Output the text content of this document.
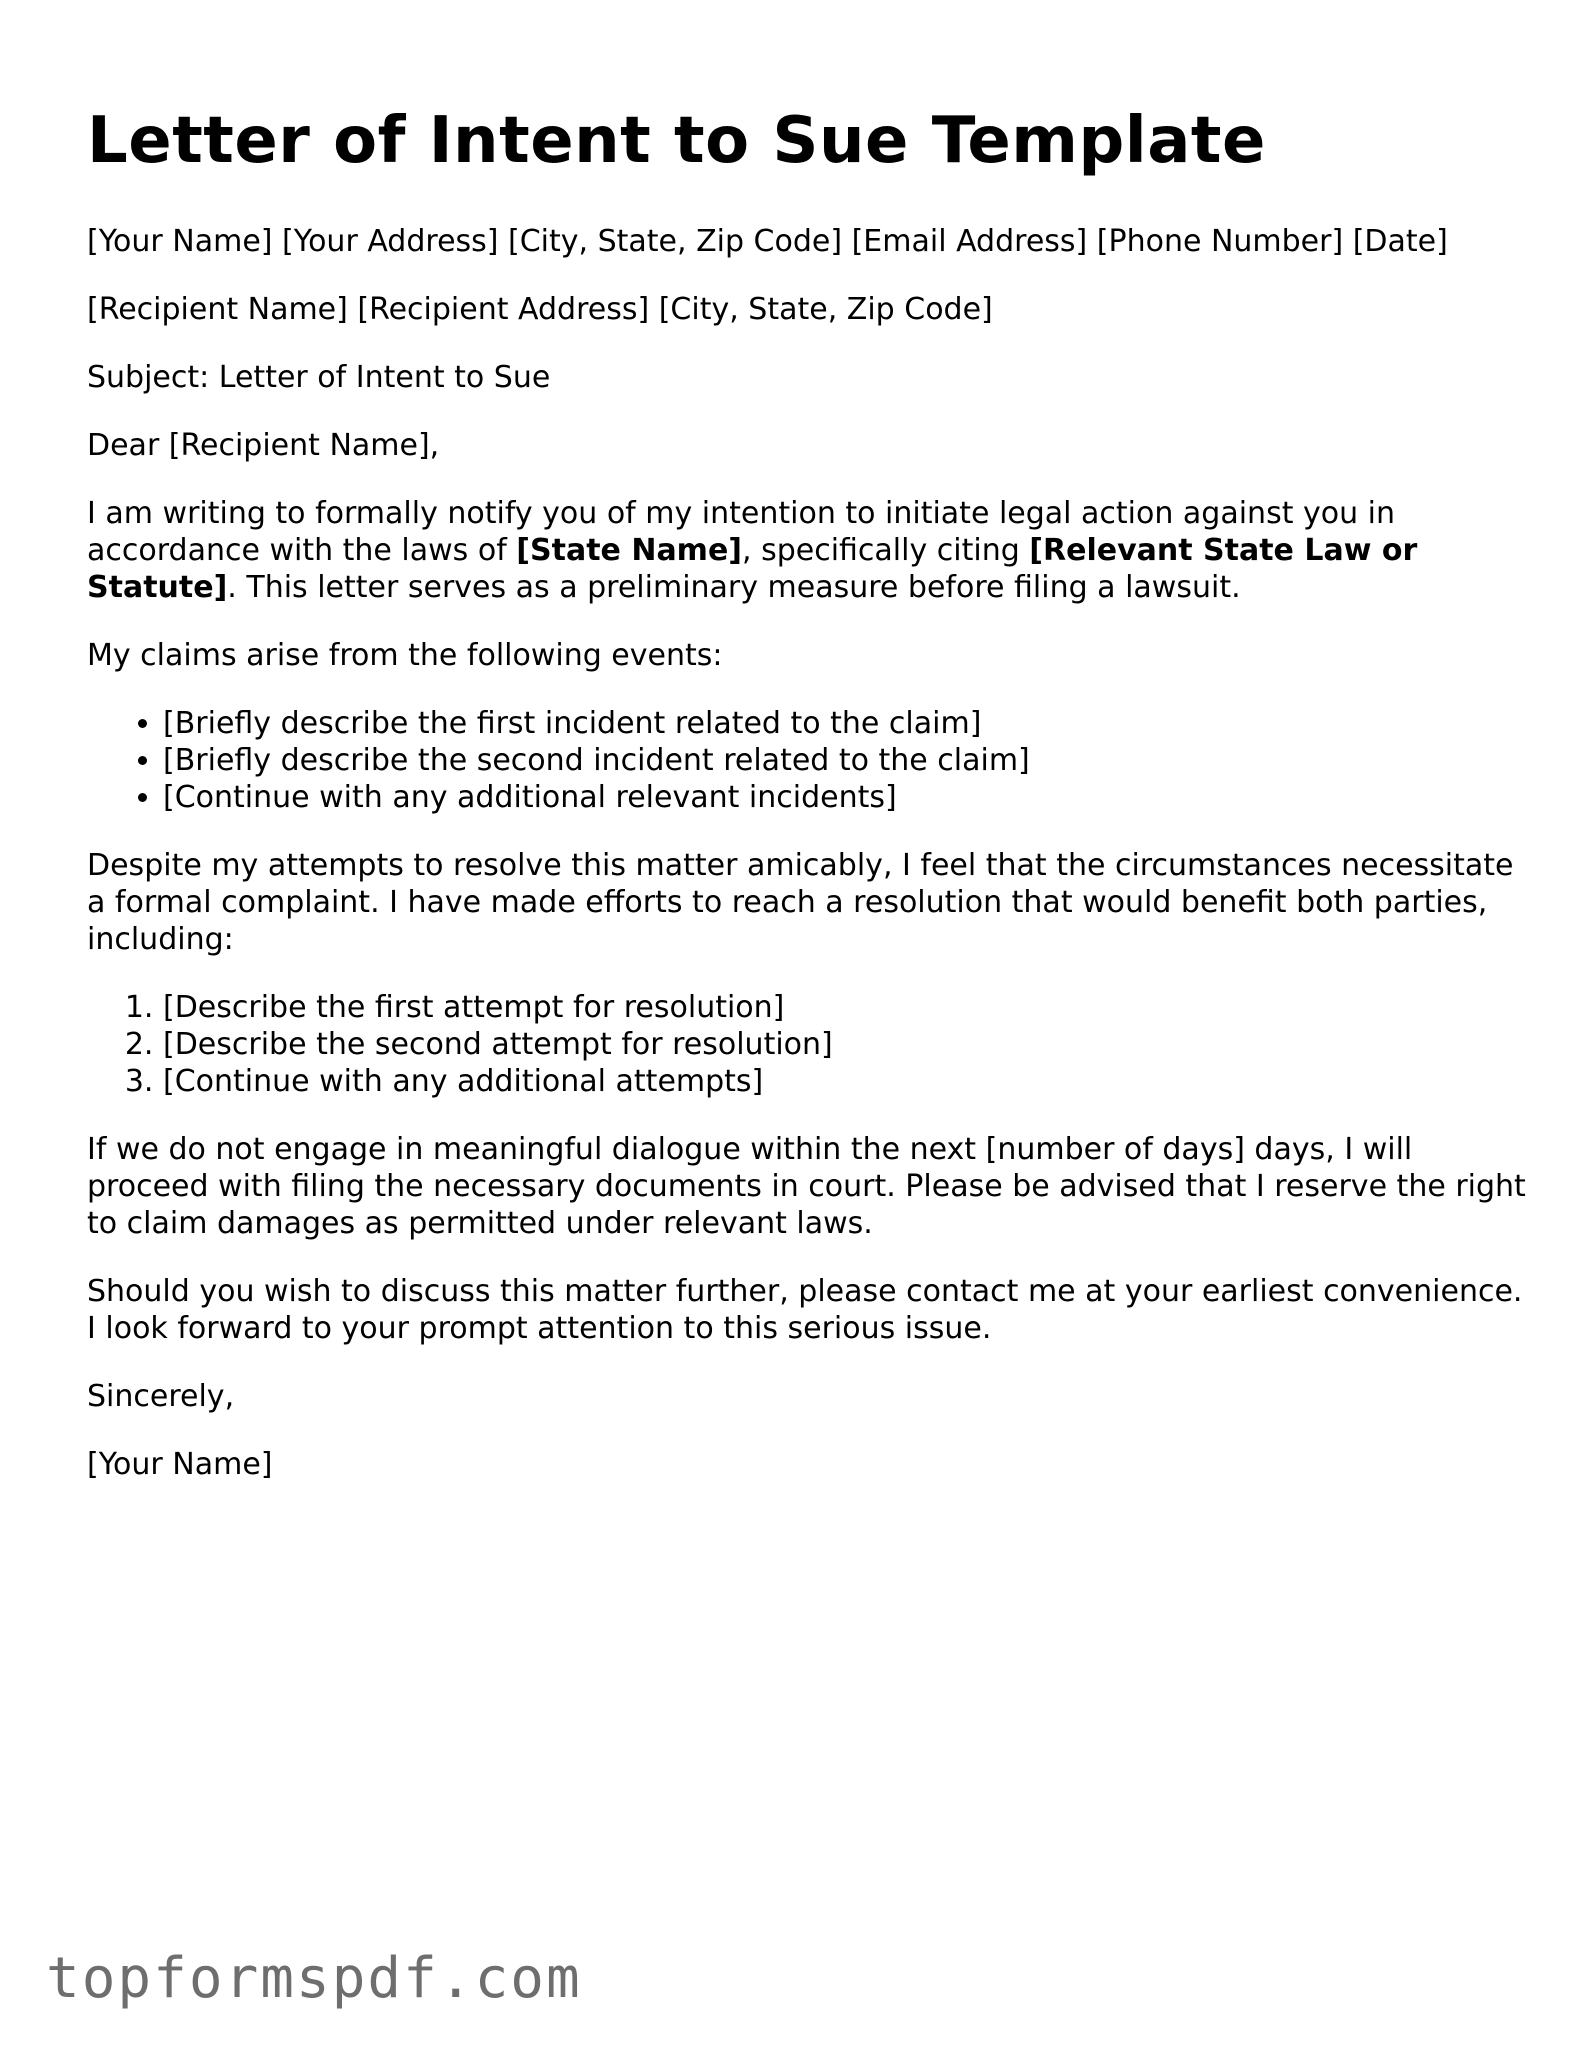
Letter of Intent to Sue Template

[Your Name] [Your Address] [City, State, Zip Code] [Email Address] [Phone Number] [Date]

[Recipient Name] [Recipient Address] [City, State, Zip Code]

Subject: Letter of Intent to Sue

Dear [Recipient Name],

I am writing to formally notify you of my intention to initiate legal action against you in accordance with the laws of [State Name], specifically citing [Relevant State Law or Statute]. This letter serves as a preliminary measure before filing a lawsuit.

My claims arise from the following events:

• [Briefly describe the first incident related to the claim]
• [Briefly describe the second incident related to the claim]
• [Continue with any additional relevant incidents]

Despite my attempts to resolve this matter amicably, I feel that the circumstances necessitate a formal complaint. I have made efforts to reach a resolution that would benefit both parties, including:

1. [Describe the first attempt for resolution]
2. [Describe the second attempt for resolution]
3. [Continue with any additional attempts]

If we do not engage in meaningful dialogue within the next [number of days] days, I will proceed with filing the necessary documents in court. Please be advised that I reserve the right to claim damages as permitted under relevant laws.

Should you wish to discuss this matter further, please contact me at your earliest convenience. I look forward to your prompt attention to this serious issue.

Sincerely,

[Your Name]

topformspdf.com
